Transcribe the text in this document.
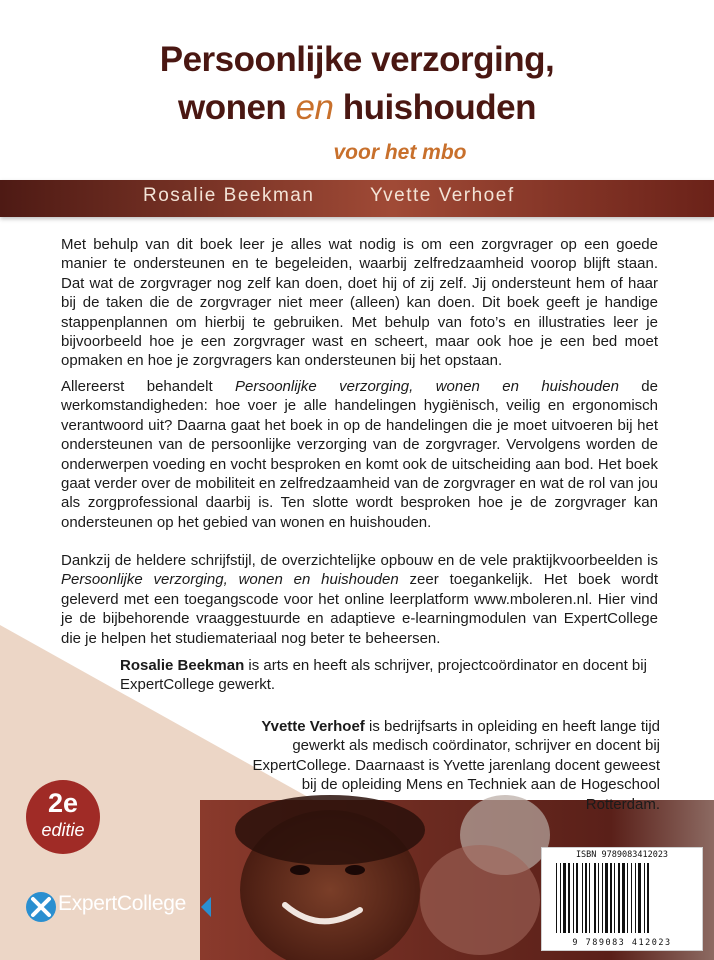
Persoonlijke verzorging,
wonen en huishouden
voor het mbo
Rosalie Beekman	Yvette Verhoef

Met behulp van dit boek leer je alles wat nodig is om een zorgvrager op een goede manier te ondersteunen en te begeleiden, waarbij zelfredzaamheid voorop blijft staan. Dat wat de zorgvrager nog zelf kan doen, doet hij of zij zelf. Jij ondersteunt hem of haar bij de taken die de zorgvrager niet meer (alleen) kan doen. Dit boek geeft je handige stappenplannen om hierbij te gebruiken. Met behulp van foto’s en illustraties leer je bijvoorbeeld hoe je een zorgvrager wast en scheert, maar ook hoe je een bed moet opmaken en hoe je zorgvragers kan ondersteunen bij het opstaan.

Allereerst behandelt Persoonlijke verzorging, wonen en huishouden de werkomstandigheden: hoe voer je alle handelingen hygiënisch, veilig en ergonomisch verantwoord uit? Daarna gaat het boek in op de handelingen die je moet uitvoeren bij het ondersteunen van de persoonlijke verzorging van de zorgvrager. Vervolgens worden de onderwerpen voeding en vocht besproken en komt ook de uitscheiding aan bod. Het boek gaat verder over de mobiliteit en zelfredzaamheid van de zorgvrager en wat de rol van jou als zorgprofessional daarbij is. Ten slotte wordt besproken hoe je de zorgvrager kan ondersteunen op het gebied van wonen en huishouden.

Dankzij de heldere schrijfstijl, de overzichtelijke opbouw en de vele praktijkvoorbeelden is Persoonlijke verzorging, wonen en huishouden zeer toegankelijk. Het boek wordt geleverd met een toegangscode voor het online leerplatform www.mboleren.nl. Hier vind je de bijbehorende vraaggestuurde en adaptieve e-learningmodulen van ExpertCollege die je helpen het studiemateriaal nog beter te beheersen.

Rosalie Beekman is arts en heeft als schrijver, projectcoördinator en docent bij ExpertCollege gewerkt.

Yvette Verhoef is bedrijfsarts in opleiding en heeft lange tijd gewerkt als medisch coördinator, schrijver en docent bij ExpertCollege. Daarnaast is Yvette jarenlang docent geweest bij de opleiding Mens en Techniek aan de Hogeschool Rotterdam.

2e
editie
ExpertCollege
ISBN 9789083412023
9 789083 412023
